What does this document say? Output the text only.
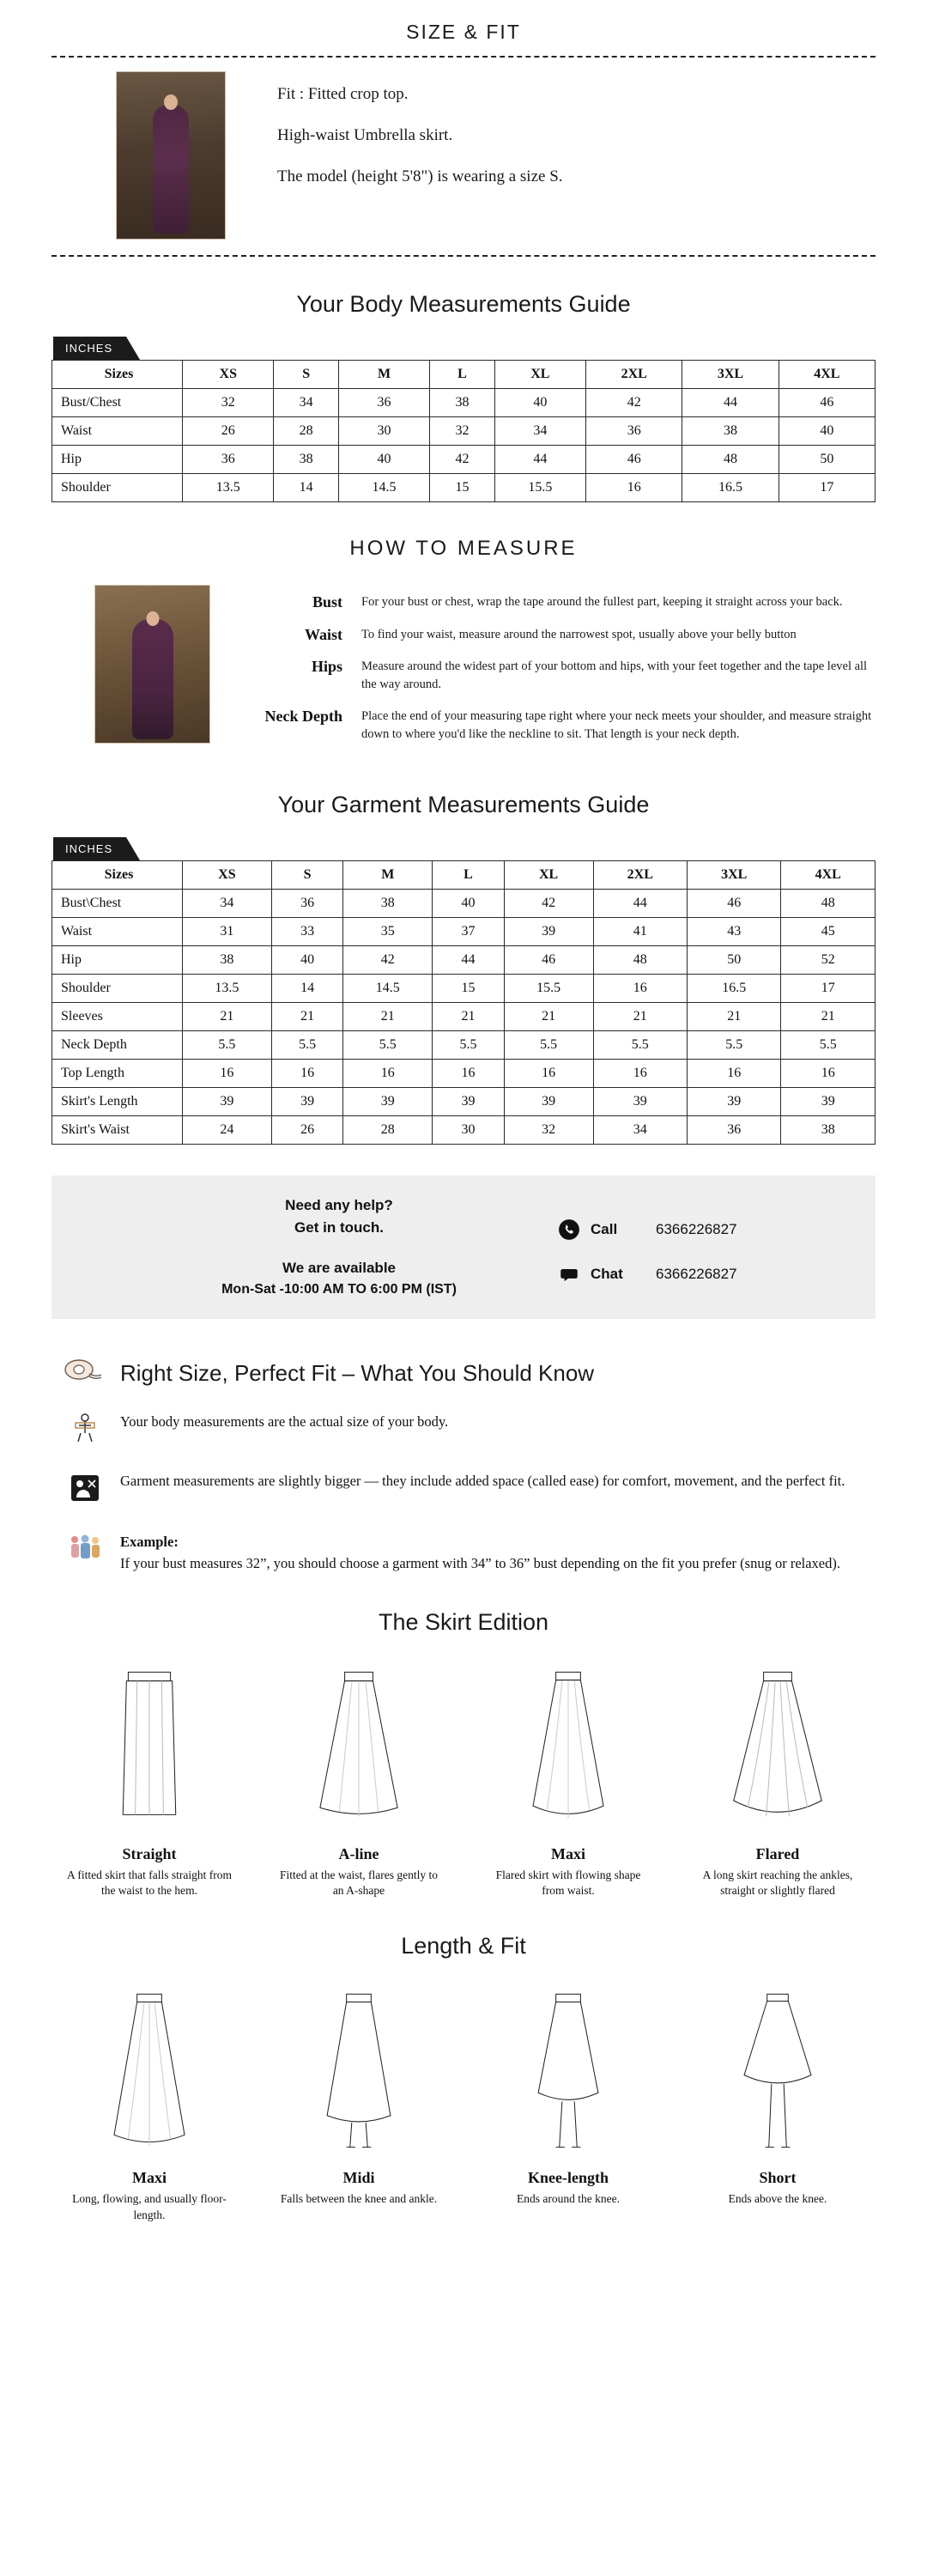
SIZE & FIT

Fit : Fitted crop top.

High-waist Umbrella skirt.

The model (height 5'8") is wearing a size S.

Your Body Measurements Guide
INCHES
Sizes	XS	S	M	L	XL	2XL	3XL	4XL
Bust/Chest	32	34	36	38	40	42	44	46
Waist	26	28	30	32	34	36	38	40
Hip	36	38	40	42	44	46	48	50
Shoulder	13.5	14	14.5	15	15.5	16	16.5	17
HOW TO MEASURE
Bust	For your bust or chest, wrap the tape around the fullest part, keeping it straight across your back.
Waist	To find your waist, measure around the narrowest spot, usually above your belly button
Hips	Measure around the widest part of your bottom and hips, with your feet together and the tape level all the way around.
Neck Depth	Place the end of your measuring tape right where your neck meets your shoulder, and measure straight down to where you'd like the neckline to sit. That length is your neck depth.
Your Garment Measurements Guide
INCHES
Sizes	XS	S	M	L	XL	2XL	3XL	4XL
Bust\Chest	34	36	38	40	42	44	46	48
Waist	31	33	35	37	39	41	43	45
Hip	38	40	42	44	46	48	50	52
Shoulder	13.5	14	14.5	15	15.5	16	16.5	17
Sleeves	21	21	21	21	21	21	21	21
Neck Depth	5.5	5.5	5.5	5.5	5.5	5.5	5.5	5.5
Top Length	16	16	16	16	16	16	16	16
Skirt's Length	39	39	39	39	39	39	39	39
Skirt's Waist	24	26	28	30	32	34	36	38
Need any help?
Get in touch.
We are available
Mon-Sat -10:00 AM TO 6:00 PM (IST)
Call	6366226827
Chat	6366226827
Right Size, Perfect Fit – What You Should Know
Your body measurements are the actual size of your body.
Garment measurements are slightly bigger — they include added space (called ease) for comfort, movement, and the perfect fit.
Example:
If your bust measures 32”, you should choose a garment with 34” to 36” bust depending on the fit you prefer (snug or relaxed).
The Skirt Edition
Straight
A fitted skirt that falls straight from the waist to the hem.
A-line
Fitted at the waist, flares gently to an A-shape
Maxi
Flared skirt with flowing shape from waist.
Flared
A long skirt reaching the ankles, straight or slightly flared
Length & Fit
Maxi
Long, flowing, and usually floor-length.
Midi
Falls between the knee and ankle.
Knee-length
Ends around the knee.
Short
Ends above the knee.
